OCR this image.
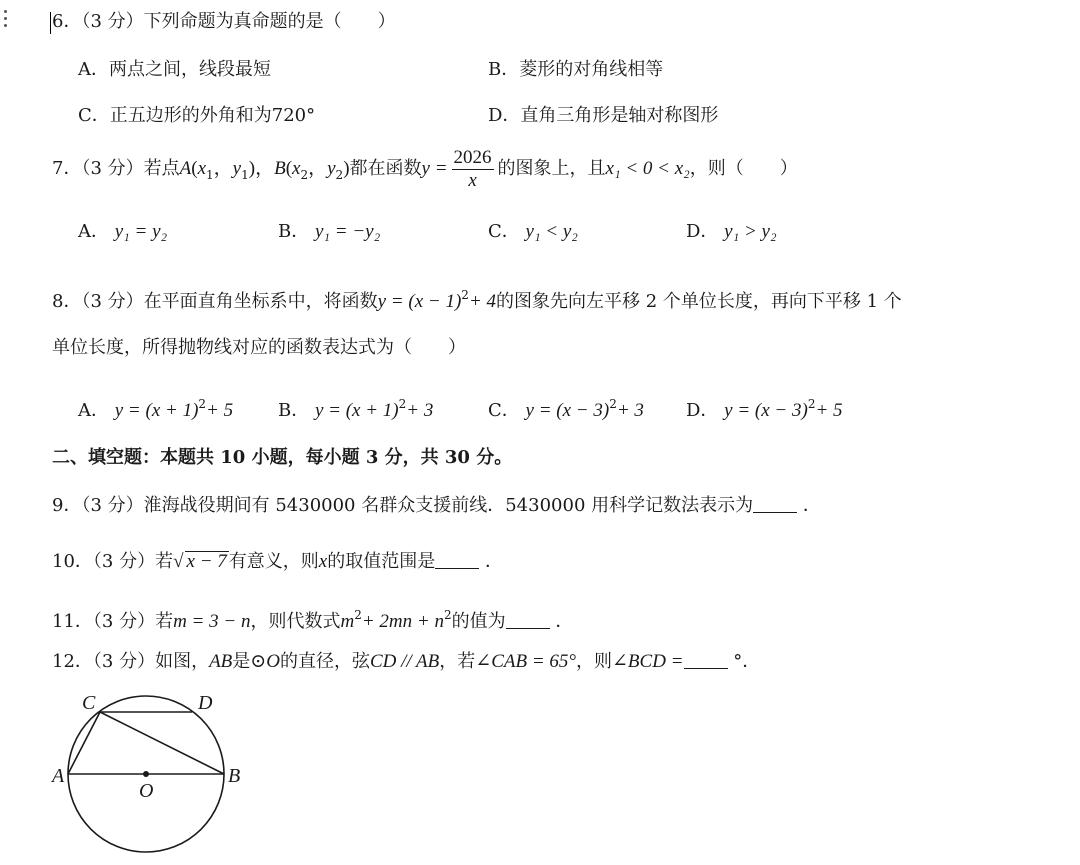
6．（3 分）下列命题为真命题的是（　　）
A．两点之间，线段最短	B．菱形的对角线相等
C．正五边形的外角和为720°	D．直角三角形是轴对称图形
7．（3 分）若点$A(x_1$，$y_1$)，$B(x_2$，$y_2$)都在函数$y = \frac{2026}{x}$ 的图象上，且x₁ < 0 < x₂，则（　　）
A． y₁ = y₂	B． y₁ = −y₂	C． y₁ < y₂	D． y₁ > y₂
8．（3 分）在平面直角坐标系中，将函数$y = (x - 1)^2+ 4$的图象先向左平移 2 个单位长度，再向下平移 1 个
单位长度，所得抛物线对应的函数表达式为（　　）
A． $y = (x + 1)^2+ 5$ B． $y = (x + 1)^2+ 3$	C． $y = (x - 3)^2+ 3$ D． $y = (x - 3)^2+ 5$
二、填空题：本题共 10 小题，每小题 3 分，共 30 分。
9．（3 分）淮海战役期间有 5430000 名群众支援前线．5430000 用科学记数法表示为	．
10．（3 分）若√ x − 7 有意义，则x的取值范围是	．
11．（3 分）若m = 3 − n，则代数式$m^2+ 2mn + n^2$的值为	．
12．（3 分）如图，AB是⊙O的直径，弦CD // AB，若∠CAB = 65°，则∠BCD =	°．
A	B
C	D
O
